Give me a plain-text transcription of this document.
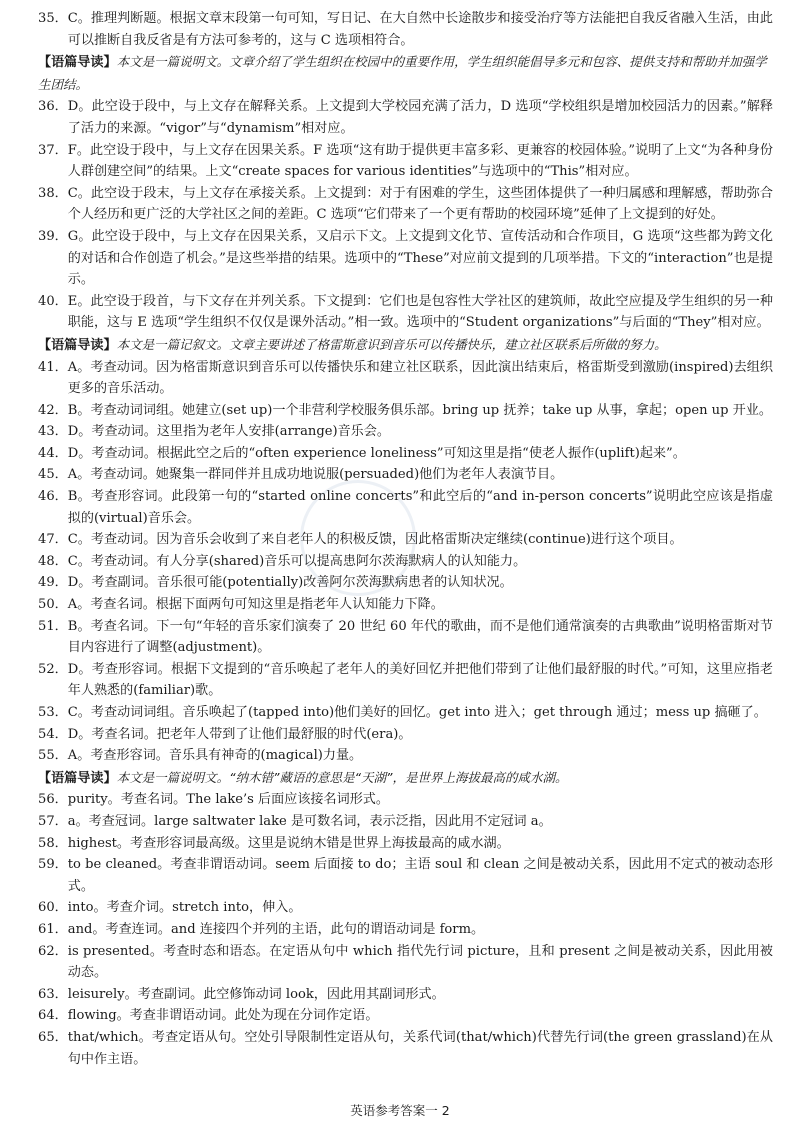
35． C。推理判断题。根据文章末段第一句可知，写日记、在大自然中长途散步和接受治疗等方法能把自我反省融入生活，由此可以推断自我反省是有方法可参考的，这与 C 选项相符合。
【语篇导读】本文是一篇说明文。文章介绍了学生组织在校园中的重要作用，学生组织能倡导多元和包容、提供支持和帮助并加强学生团结。
36． D。此空设于段中，与上文存在解释关系。上文提到大学校园充满了活力，D 选项“学校组织是增加校园活力的因素。”解释了活力的来源。“vigor”与“dynamism”相对应。
37． F。此空设于段中，与上文存在因果关系。F 选项“这有助于提供更丰富多彩、更兼容的校园体验。”说明了上文“为各种身份人群创建空间”的结果。上文“create spaces for various identities”与选项中的“This”相对应。
38． C。此空设于段末，与上文存在承接关系。上文提到：对于有困难的学生，这些团体提供了一种归属感和理解感，帮助弥合个人经历和更广泛的大学社区之间的差距。C 选项“它们带来了一个更有帮助的校园环境”延伸了上文提到的好处。
39． G。此空设于段中，与上文存在因果关系，又启示下文。上文提到文化节、宣传活动和合作项目，G 选项“这些都为跨文化的对话和合作创造了机会。”是这些举措的结果。选项中的“These”对应前文提到的几项举措。下文的“interaction”也是提示。
40． E。此空设于段首，与下文存在并列关系。下文提到：它们也是包容性大学社区的建筑师，故此空应提及学生组织的另一种职能，这与 E 选项“学生组织不仅仅是课外活动。”相一致。选项中的“Student organizations”与后面的“They”相对应。
【语篇导读】本文是一篇记叙文。文章主要讲述了格雷斯意识到音乐可以传播快乐，建立社区联系后所做的努力。
41． A。考查动词。因为格雷斯意识到音乐可以传播快乐和建立社区联系，因此演出结束后，格雷斯受到激励(inspired)去组织更多的音乐活动。
42． B。考查动词词组。她建立(set up)一个非营利学校服务俱乐部。bring up 抚养；take up 从事，拿起；open up 开业。
43． D。考查动词。这里指为老年人安排(arrange)音乐会。
44． D。考查动词。根据此空之后的“often experience loneliness”可知这里是指“使老人振作(uplift)起来”。
45． A。考查动词。她聚集一群同伴并且成功地说服(persuaded)他们为老年人表演节目。
46． B。考查形容词。此段第一句的“started online concerts”和此空后的“and in-person concerts”说明此空应该是指虚拟的(virtual)音乐会。
47． C。考查动词。因为音乐会收到了来自老年人的积极反馈，因此格雷斯决定继续(continue)进行这个项目。
48． C。考查动词。有人分享(shared)音乐可以提高患阿尔茨海默病人的认知能力。
49． D。考查副词。音乐很可能(potentially)改善阿尔茨海默病患者的认知状况。
50． A。考查名词。根据下面两句可知这里是指老年人认知能力下降。
51． B。考查名词。下一句“年轻的音乐家们演奏了 20 世纪 60 年代的歌曲，而不是他们通常演奏的古典歌曲”说明格雷斯对节目内容进行了调整(adjustment)。
52． D。考查形容词。根据下文提到的“音乐唤起了老年人的美好回忆并把他们带到了让他们最舒服的时代。”可知，这里应指老年人熟悉的(familiar)歌。
53． C。考查动词词组。音乐唤起了(tapped into)他们美好的回忆。get into 进入；get through 通过；mess up 搞砸了。
54． D。考查名词。把老年人带到了让他们最舒服的时代(era)。
55． A。考查形容词。音乐具有神奇的(magical)力量。
【语篇导读】本文是一篇说明文。“纳木错”藏语的意思是“天湖”，是世界上海拔最高的咸水湖。
56． purity。考查名词。The lake’s 后面应该接名词形式。
57． a。考查冠词。large saltwater lake 是可数名词，表示泛指，因此用不定冠词 a。
58． highest。考查形容词最高级。这里是说纳木错是世界上海拔最高的咸水湖。
59． to be cleaned。考查非谓语动词。seem 后面接 to do；主语 soul 和 clean 之间是被动关系，因此用不定式的被动态形式。
60． into。考查介词。stretch into，伸入。
61． and。考查连词。and 连接四个并列的主语，此句的谓语动词是 form。
62． is presented。考查时态和语态。在定语从句中 which 指代先行词 picture，且和 present 之间是被动关系，因此用被动态。
63． leisurely。考查副词。此空修饰动词 look，因此用其副词形式。
64． flowing。考查非谓语动词。此处为现在分词作定语。
65． that/which。考查定语从句。空处引导限制性定语从句，关系代词(that/which)代替先行词(the green grassland)在从句中作主语。
英语参考答案一 2
